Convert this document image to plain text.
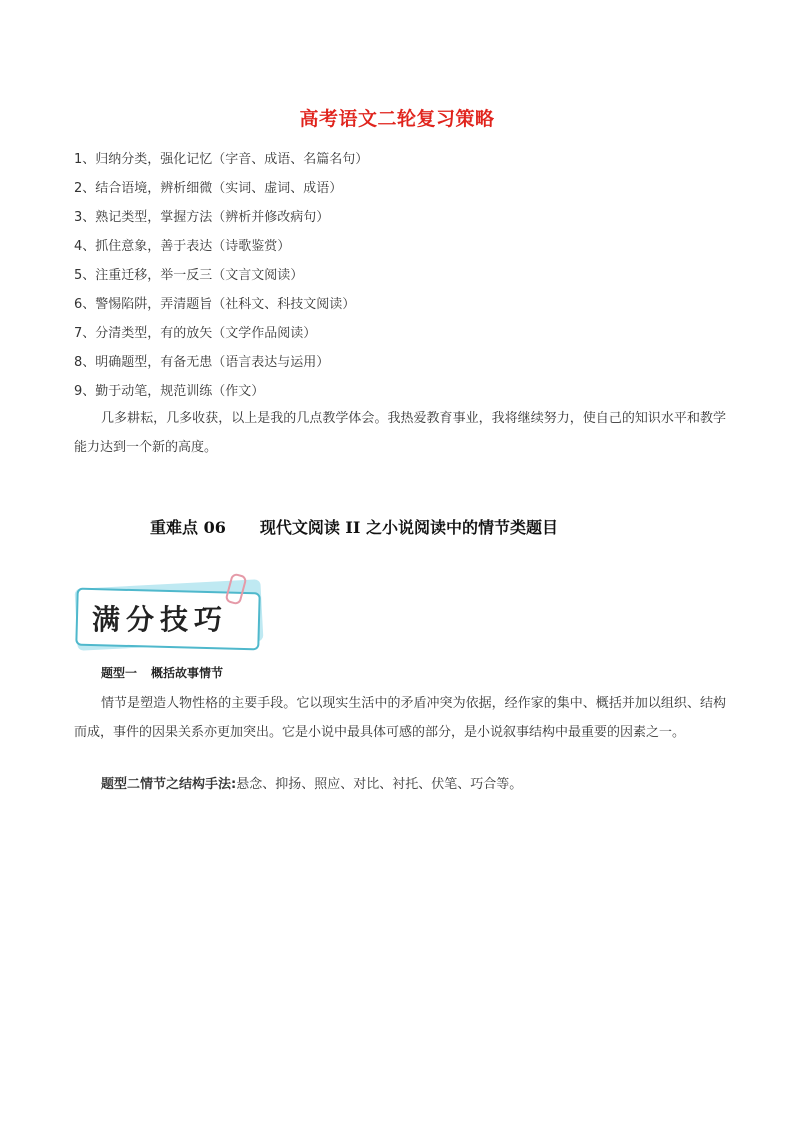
高考语文二轮复习策略
1、归纳分类，强化记忆（字音、成语、名篇名句）
2、结合语境，辨析细微（实词、虚词、成语）
3、熟记类型，掌握方法（辨析并修改病句）
4、抓住意象，善于表达（诗歌鉴赏）
5、注重迁移，举一反三（文言文阅读）
6、警惕陷阱，弄清题旨（社科文、科技文阅读）
7、分清类型，有的放矢（文学作品阅读）
8、明确题型，有备无患（语言表达与运用）
9、勤于动笔，规范训练（作文）

几多耕耘，几多收获，以上是我的几点教学体会。我热爱教育事业，我将继续努力，使自己的知识水平和教学能力达到一个新的高度。

重难点 06 现代文阅读 II 之小说阅读中的情节类题目
满分技巧
题型一 概括故事情节

情节是塑造人物性格的主要手段。它以现实生活中的矛盾冲突为依据，经作家的集中、概括并加以组织、结构而成，事件的因果关系亦更加突出。它是小说中最具体可感的部分，是小说叙事结构中最重要的因素之一。

题型二情节之结构手法:悬念、抑扬、照应、对比、衬托、伏笔、巧合等。
